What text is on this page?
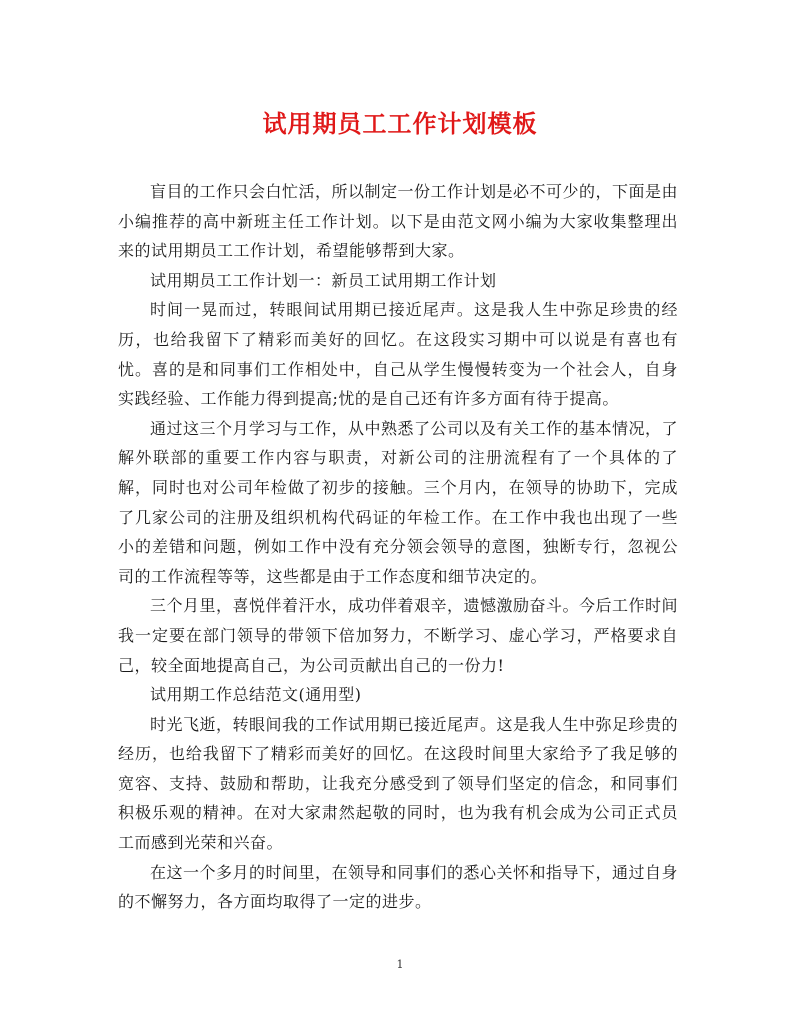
试用期员工工作计划模板

盲目的工作只会白忙活，所以制定一份工作计划是必不可少的，下面是由小编推荐的高中新班主任工作计划。以下是由范文网小编为大家收集整理出来的试用期员工工作计划，希望能够帮到大家。

试用期员工工作计划一：新员工试用期工作计划

时间一晃而过，转眼间试用期已接近尾声。这是我人生中弥足珍贵的经历，也给我留下了精彩而美好的回忆。在这段实习期中可以说是有喜也有忧。喜的是和同事们工作相处中，自己从学生慢慢转变为一个社会人，自身实践经验、工作能力得到提高;忧的是自己还有许多方面有待于提高。

通过这三个月学习与工作，从中熟悉了公司以及有关工作的基本情况，了解外联部的重要工作内容与职责，对新公司的注册流程有了一个具体的了解，同时也对公司年检做了初步的接触。三个月内，在领导的协助下，完成了几家公司的注册及组织机构代码证的年检工作。在工作中我也出现了一些小的差错和问题，例如工作中没有充分领会领导的意图，独断专行，忽视公司的工作流程等等，这些都是由于工作态度和细节决定的。

三个月里，喜悦伴着汗水，成功伴着艰辛，遗憾激励奋斗。今后工作时间我一定要在部门领导的带领下倍加努力，不断学习、虚心学习，严格要求自己，较全面地提高自己，为公司贡献出自己的一份力!

试用期工作总结范文(通用型)

时光飞逝，转眼间我的工作试用期已接近尾声。这是我人生中弥足珍贵的经历，也给我留下了精彩而美好的回忆。在这段时间里大家给予了我足够的宽容、支持、鼓励和帮助，让我充分感受到了领导们坚定的信念，和同事们积极乐观的精神。在对大家肃然起敬的同时，也为我有机会成为公司正式员工而感到光荣和兴奋。

在这一个多月的时间里，在领导和同事们的悉心关怀和指导下，通过自身的不懈努力，各方面均取得了一定的进步。

1
